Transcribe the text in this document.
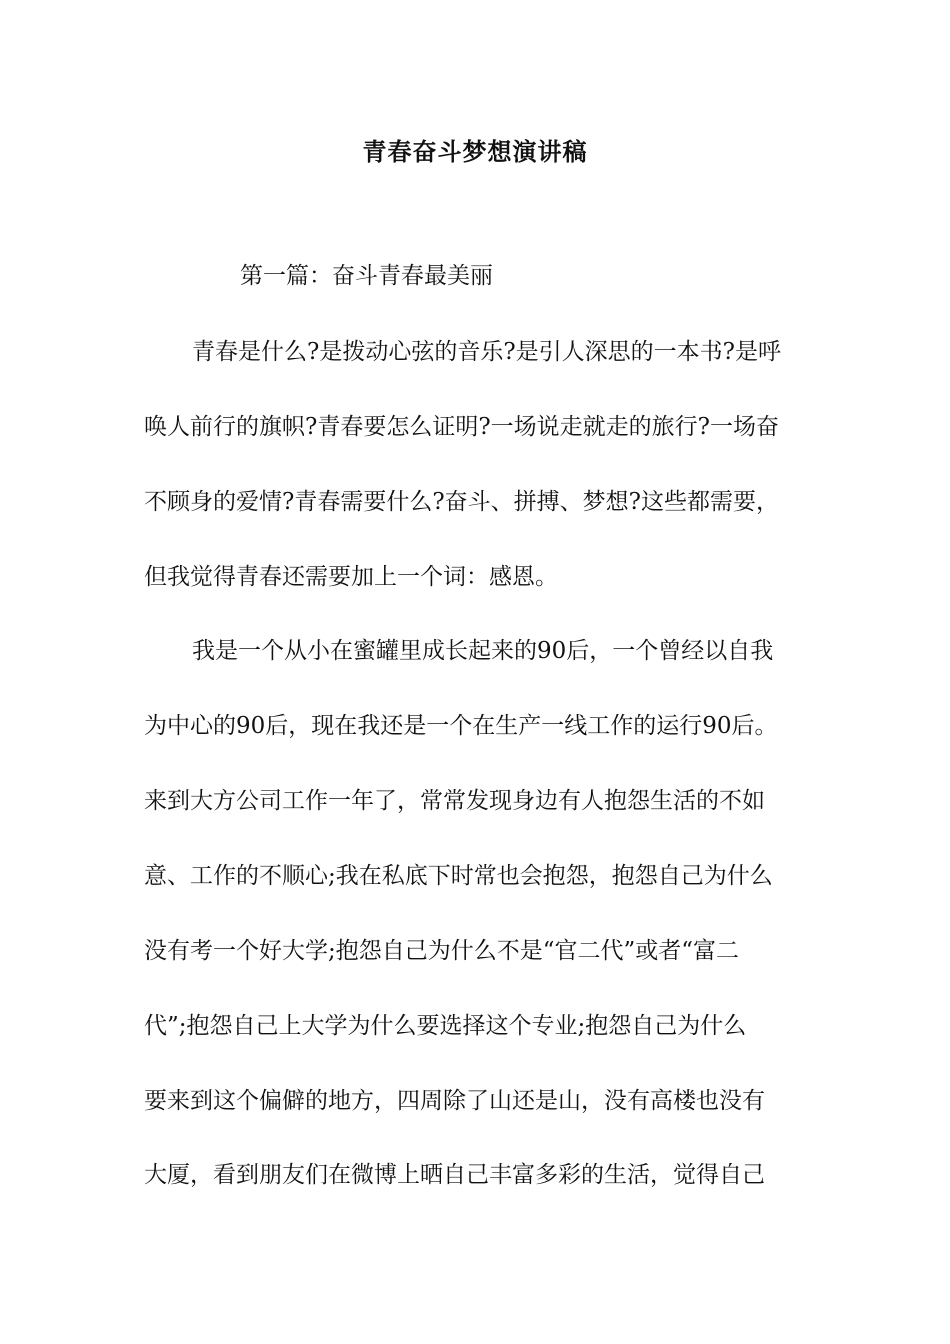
青春奋斗梦想演讲稿
第一篇：奋斗青春最美丽
青春是什么?是拨动心弦的音乐?是引人深思的一本书?是呼
唤人前行的旗帜?青春要怎么证明?一场说走就走的旅行?一场奋
不顾身的爱情?青春需要什么?奋斗、拼搏、梦想?这些都需要，
但我觉得青春还需要加上一个词：感恩。
我是一个从小在蜜罐里成长起来的90后，一个曾经以自我
为中心的90后，现在我还是一个在生产一线工作的运行90后。
来到大方公司工作一年了，常常发现身边有人抱怨生活的不如
意、工作的不顺心;我在私底下时常也会抱怨，抱怨自己为什么
没有考一个好大学;抱怨自己为什么不是“官二代”或者“富二
代”;抱怨自己上大学为什么要选择这个专业;抱怨自己为什么
要来到这个偏僻的地方，四周除了山还是山，没有高楼也没有
大厦，看到朋友们在微博上晒自己丰富多彩的生活，觉得自己
